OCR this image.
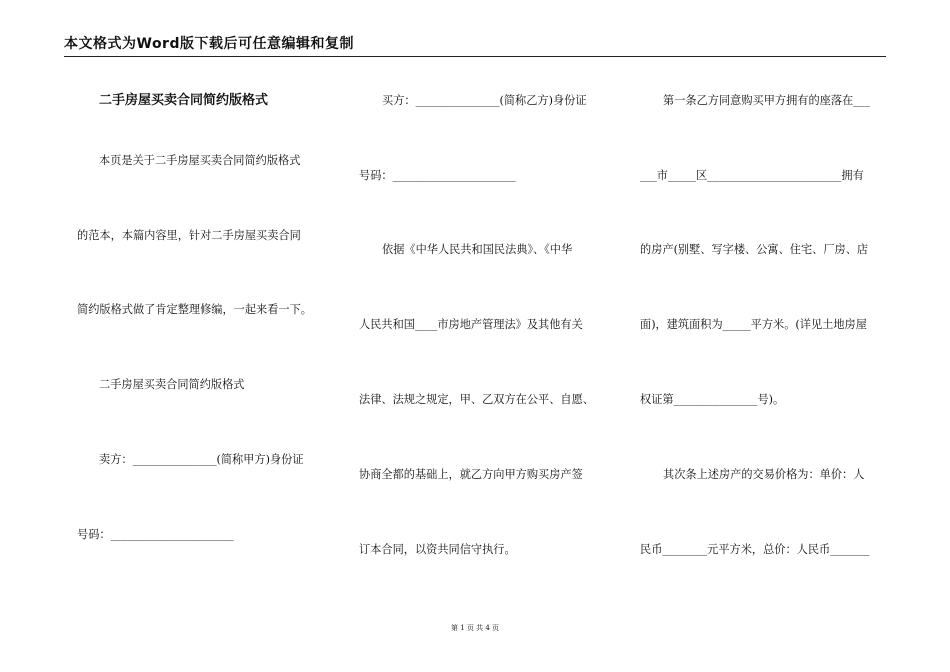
本文格式为Word版下载后可任意编辑和复制
二手房屋买卖合同简约版格式
本页是关于二手房屋买卖合同简约版格式
的范本，本篇内容里，针对二手房屋买卖合同
简约版格式做了肯定整理修编，一起来看一下。
二手房屋买卖合同简约版格式
卖方：_______________(简称甲方)身份证
号码：______________________
买方：_______________(简称乙方)身份证
号码：______________________
依据《中华人民共和国民法典》、《中华
人民共和国____市房地产管理法》及其他有关
法律、法规之规定，甲、乙双方在公平、自愿、
协商全都的基础上，就乙方向甲方购买房产签
订本合同，以资共同信守执行。
第一条乙方同意购买甲方拥有的座落在___
___市_____区________________________拥有
的房产(别墅、写字楼、公寓、住宅、厂房、店
面)，建筑面积为_____平方米。(详见土地房屋
权证第_______________号)。
其次条上述房产的交易价格为：单价：人
民币________元平方米，总价：人民币_______
第 1 页 共 4 页
